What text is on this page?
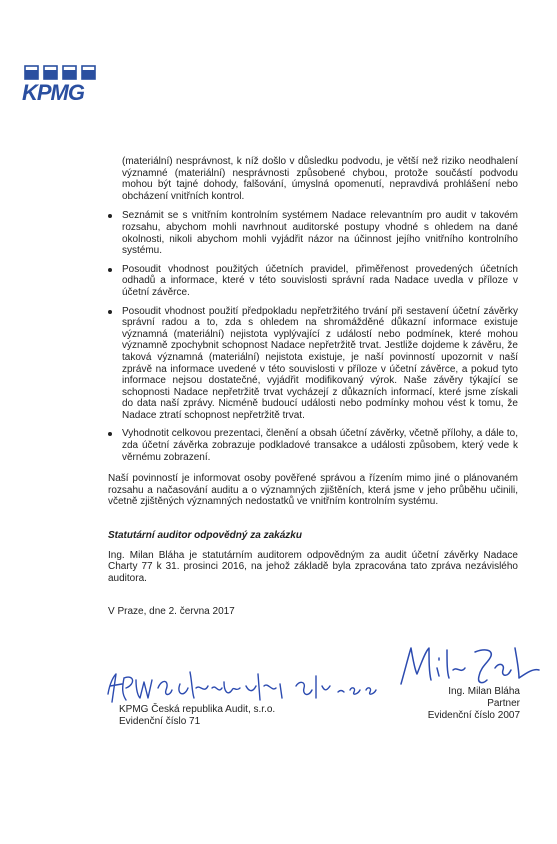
KPMG

(materiální) nesprávnost, k níž došlo v důsledku podvodu, je větší než riziko neodhalení významné (materiální) nesprávnosti způsobené chybou, protože součástí podvodu mohou být tajné dohody, falšování, úmyslná opomenutí, nepravdivá prohlášení nebo obcházení vnitřních kontrol.

Seznámit se s vnitřním kontrolním systémem Nadace relevantním pro audit v takovém rozsahu, abychom mohli navrhnout auditorské postupy vhodné s ohledem na dané okolnosti, nikoli abychom mohli vyjádřit názor na účinnost jejího vnitřního kontrolního systému.
Posoudit vhodnost použitých účetních pravidel, přiměřenost provedených účetních odhadů a informace, které v této souvislosti správní rada Nadace uvedla v příloze v účetní závěrce.
Posoudit vhodnost použití předpokladu nepřetržitého trvání při sestavení účetní závěrky správní radou a to, zda s ohledem na shromážděné důkazní informace existuje významná (materiální) nejistota vyplývající z událostí nebo podmínek, které mohou významně zpochybnit schopnost Nadace nepřetržitě trvat. Jestliže dojdeme k závěru, že taková významná (materiální) nejistota existuje, je naší povinností upozornit v naší zprávě na informace uvedené v této souvislosti v příloze v účetní závěrce, a pokud tyto informace nejsou dostatečné, vyjádřit modifikovaný výrok. Naše závěry týkající se schopnosti Nadace nepřetržitě trvat vycházejí z důkazních informací, které jsme získali do data naší zprávy. Nicméně budoucí události nebo podmínky mohou vést k tomu, že Nadace ztratí schopnost nepřetržitě trvat.
Vyhodnotit celkovou prezentaci, členění a obsah účetní závěrky, včetně přílohy, a dále to, zda účetní závěrka zobrazuje podkladové transakce a události způsobem, který vede k věrnému zobrazení.

Naší povinností je informovat osoby pověřené správou a řízením mimo jiné o plánovaném rozsahu a načasování auditu a o významných zjištěních, která jsme v jeho průběhu učinili, včetně zjištěných významných nedostatků ve vnitřním kontrolním systému.

Statutární auditor odpovědný za zakázku

Ing. Milan Bláha je statutárním auditorem odpovědným za audit účetní závěrky Nadace Charty 77 k 31. prosinci 2016, na jehož základě byla zpracována tato zpráva nezávislého auditora.

V Praze, dne 2. června 2017

KPMG Česká republika Audit, s.r.o.
Evidenční číslo 71
Ing. Milan Bláha
Partner
Evidenční číslo 2007
